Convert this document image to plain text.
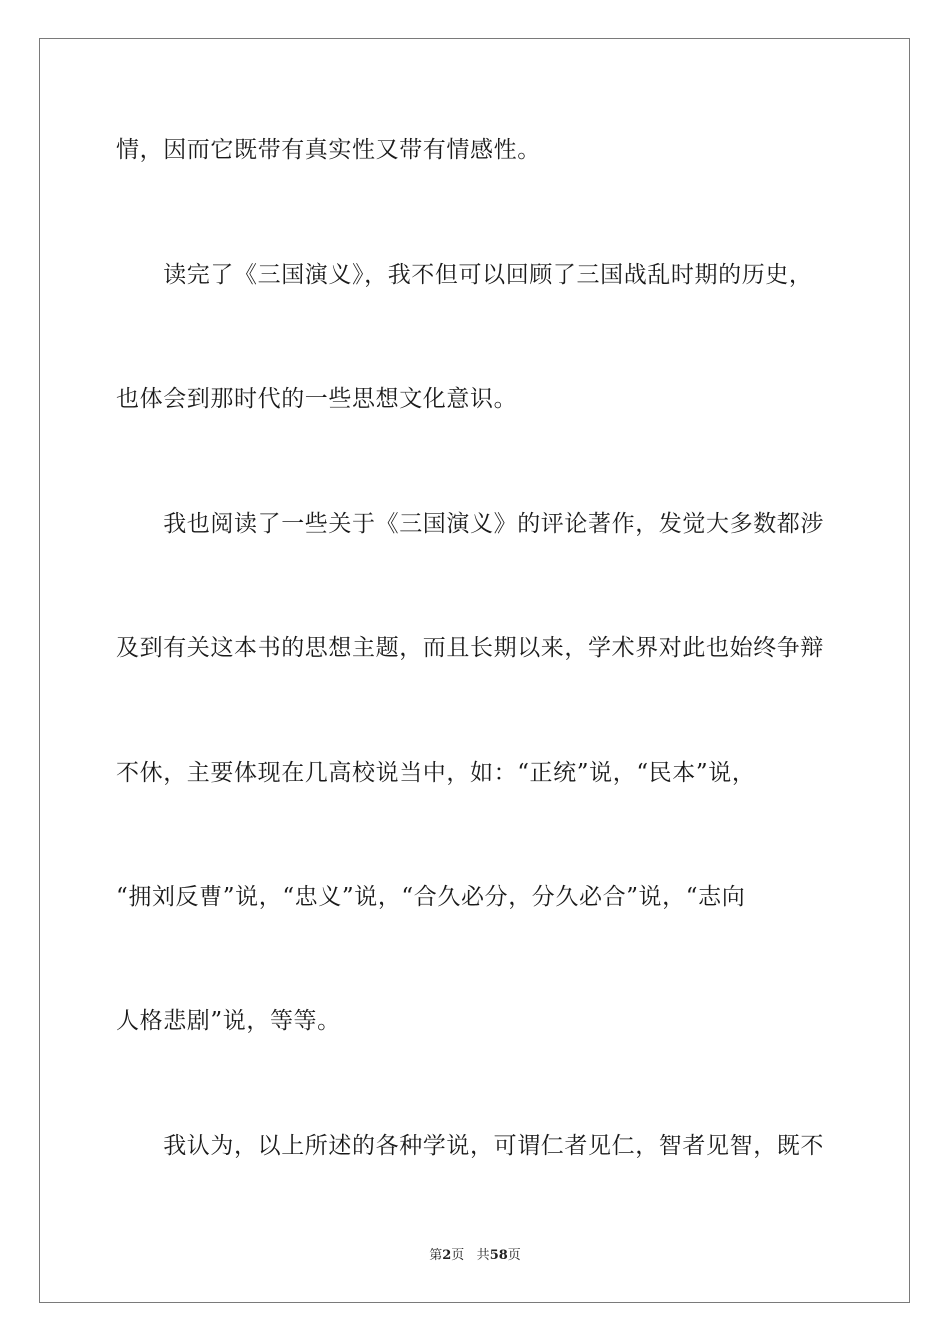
情，因而它既带有真实性又带有情感性。
　　读完了《三国演义》，我不但可以回顾了三国战乱时期的历史，
也体会到那时代的一些思想文化意识。
　　我也阅读了一些关于《三国演义》的评论著作，发觉大多数都涉
及到有关这本书的思想主题，而且长期以来，学术界对此也始终争辩
不休，主要体现在几高校说当中，如：“正统”说，“民本”说，
“拥刘反曹”说，“忠义”说，“合久必分，分久必合”说，“志向
人格悲剧”说，等等。
　　我认为，以上所述的各种学说，可谓仁者见仁，智者见智，既不
第2页 共58页
